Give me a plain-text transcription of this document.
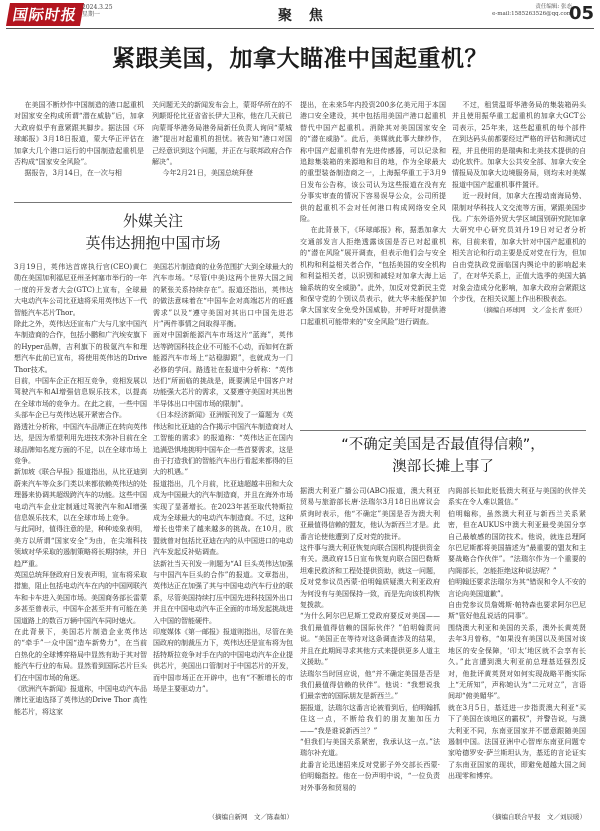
国际时报 2024.3.25
星期一	聚 焦
责任编辑: 张态
e-mail:1585263526@qq.com
05
紧跟美国，加拿大瞄准中国起重机？

在美国不断炒作中国制造的港口起重机对国家安全构成所谓“潜在威胁”后，加拿大政府似乎有意紧跟其脚步。据法国《环球邮报》3月18日报道，蒙大华正评估在加拿大几个港口运行的中国制造起重机是否构成“国家安全风险”。

据报告，3月14日，在一次与相

关问题无关的新闻发布会上，蒙哥华所在的不列颠哥伦比亚省省长伊大卫称，他在几天前已向蒙哥华港务局港务局新任负责人询问“蒙城港”提出对起重机的担忧。被告知“港口对国己经意识到这个问题，并正在与联邦政府合作解决”。

今年2月21日，美国总统拜登

提出，在未来5年内投资200多亿美元用于本国港口安全建设，其中包括用美国产港口起重机替代中国产起重机。消除其对美国国家安全的“潜在威胁”。此后，美媒就此事大肆炒作，称中国产起重机带有先进传感器，可以记录和追踪集装箱的来源地和目的地，作为全球最大的重型装备制造商之一，上海振华重工于3月9日发布公告称，该公司认为这些报道在没有充分事实审查的情况下容易误导公众，公司所提供的起重机不会对任何港口构成网络安全风险。

在此背景下，《环球邮报》称，据悉加拿大交通部发言人拒绝透露该国是否已对起重机的“潜在风险”展开调查，但表示他们会与安全机构和利益相关者合作，“包括美国的安全机构和利益相关者，以识别和减轻对加拿大海上运输系统的安全威胁”。此外，加反对党新民主党和保守党的个别议员表示，就大华未能保护加拿大国家安全免受外国威胁，并呼吁对提供港口起重机可能带来的“安全风险”进行调查。

不过，租赁温哥华港务局的集装箱码头并且使用振华重工起重机的加拿大GCT公司表示，25年来，这些起重机的每个部件在到达码头前都要经过严格的评估和测试过程，并且使用的是瑞典和北美技术提供的自动化软件。加拿大公共安全部、加拿大安全情报局及加拿大边境服务局，则均未对美媒报道中国产起重机事件置评。

近一段时间，加拿大在搜动南海局势、限制对华科技人文交流等方面，紧跟美国步伐。广东外语外贸大学区域国别研究院加拿大研究中心研究员刘丹19日对记者分析称，目前来看，加拿大针对中国产起重机的相关言论和行动主要是反对党在行为，但加自由党执政党面临国内舆论中的影响起来了，在对华关系上，正值大选季的美国大搞对象会造成分化影响，加拿大政府会紧跟这个步伐，在相关议题上作出积极表态。

（摘编自环球网　文／金长青 张旺）
外媒关注
英伟达拥抱中国市场
3月19日，英伟达首席执行官(CEO)黄仁勋在美国加利福尼亚州圣何塞市举行的一年一度的开发者大会(GTC)上宣布，全球最大电动汽车公司比亚迪将采用英伟达下一代智能汽车芯片Thor。
除此之外，英伟达还宣布广大与几家中国汽车制造商的合作，包括小鹏和广汽埃安旗下的Hyper品牌，吉利旗下的极氪汽车和理想汽车此前已宣布，将使用英伟达的Drive Thor技术。
目前，中国车企正在相互竞争，竞相发展以驾驶汽车和AI增强信息娱乐技术，以提高在全球市场的竞争力。在此之前，一些中国头部车企已与英伟达展开紧密合作。
路透社分析称，中国汽车品牌正在转向英伟达，是因为希望利用先进技术弥补目前在全球品牌知名度方面的不足，以在全球市场上竞争。
新加坡《联合早报》报道指出，从比亚迪到蔚来汽车等众多门类以来都依赖英伟达的处理器来协调其超级跨汽车的功能。这些中国电动汽车企业定制通过驾驶汽车和AI增强信息娱乐技术，以在全球市场上竞争。
与此同时，值得注意的是，种种迹象表明，美方以所谓“国家安全”为由，在尖端科技领域对华采取的遏制策略将长期持续，并日趋严重。
英国总统拜登政府日发表声明，宣布将采取措施，阻止包括电动汽车在内的中国网联汽车和卡车进入美国市场。美国商务部长雷蒙多甚至曾表示，中国车企甚至并有可能在美国道路上的数百万辆中国汽车同时熄火。
在此背景下，美国芯片制造企业英伟达的“牵手”一众中国“造车新势力”，在当前白热化的全球博弈格局中显然有助于其对智能汽车行业的布局。显然看到国际芯片巨头们在中国市场的角逐。
《欧洲汽车新闻》报道称，中国电动汽车品牌比亚迪选择了英伟达的Drive Thor 高性能芯片，将这家
美国芯片制造商的业务范围扩大到全球最大的汽车市场。“尽管(中美)这两个世界大国之间的紧张关系持续存在”。报道还指出，英伟达的做法意味着在“中国车企对高端芯片的旺盛需求”以及“遵守美国对其出口中国先进芯片”两件事情之间取得平衡。
面对中国新能源汽车市场这片“蓝海”，英伟达等跨国科技企业不可能不心动，而如何在新能源汽车市场上“站稳脚跟”，也就成为一门必修的学问。路透社在报道中分析称：“英伟达们“所面临的挑战是，既要满足中国客户对功能强大芯片的需求，又要遵守美国对其出售半导体出口中国市场的限制”。
《日本经济新闻》亚洲版刊发了一篇题为《英伟达和比亚迪的合作揭示中国汽车制造商对人工智能的需求》的报道称：“英伟达正在国内追满恐惧地挑明中国车企一些首要需求，这是由于打造我们的智能汽车出行看起来都得的巨大的机遇。”
报道指出，几个月前，比亚迪超越丰田和大众成为中国最大的汽车制造商，并且在海外市场实现了显著增长。在2023年甚至取代特斯拉成为全球最大的电动汽车制造商。不过，这种增长也带来了越来越多的挑战。在10月，欧盟就曾对包括比亚迪在内的从中国进口的电动汽车发起反补贴调查。
法新社当天刊发一则题为“AI 巨头英伟达加强与中国汽车巨头的合作”的报道。文章指出，英伟达正在加强了其与中国电动汽车行业的联系，尽管美国持续打压中国先进科技国外出口并且在中国电动汽车正全面的市场发起挑战进入中国的智能硬件。
印度媒体《第一邮报》报道则指出，尽管在美国政府的制裁压力下，英伟达还是宣布将为包括特斯拉竞争对手在内的中国电动汽车企业提供芯片，美国出口管制对于中国芯片的开发，而中国市场正在开辟中，也有“不断增长的市场是主要驱动力”。
（摘编自新网　文／陈森如）
“不确定美国是否最值得信赖”，
澳部长摊上事了
据澳大利亚广播公司(ABC)报道，澳大利亚贸易与旅游部长唐·法瑞尔3月18日出席议会质询时表示，他“不确定”美国是否为澳大利亚最值得信赖的盟友，他认为新西兰才是。此番言论使他遭到了反对党的批评。
这件事与澳大利亚恢复向联合国机构提供资金有关。澳政府15日宣布恢复向联合国巴勒斯坦难民救济和工程处提供资助，就这一问题，反对党参议员西蒙·伯明翰质疑澳大利亚政府为何没有与美国保持一致，而是先向该机构恢复拨款。
“为什么阿尔巴尼斯工党政府要反对美国——我们最值得信赖的国际伙伴？”伯明翰责问说。“美国正在等待对这条调查涉及的结果，并且在此期间寻求其他方式来提供更多人道主义援助。”
法瑞尔当时回应说，他“并不确定美国是否是我们最值得信赖的伙伴”。他说：“我想说我们最亲密的国际朋友是新西兰。”
据报道，法瑞尔这番言论被看到后，伯明翰抓住这一点，不断给我们的朋友施加压力——“我是谁说新西兰？”
“但我们与美国关系紧密，我承认这一点。”法瑞尔补充道。
此番言论迅速招来反对党影子外交部长西蒙·伯明翰指控。他在一份声明中说，“一位负责对外事务和贸易的
内阁部长如此贬低澳大利亚与美国的伙伴关系实在令人难以置信。”
伯明翰称，虽然澳大利亚与新西兰关系紧密，但在AUKUS中澳大利亚最受美国分享自己最敏感的国防技术。他说，就连总理阿尔巴尼斯都将美国描述为“最重要的盟友和主要战略合作伙伴”。“法瑞尔作为一个重要的内阁部长，怎能拒绝这种说法呢？”
伯明翰还要求法瑞尔为其“错误和令人不安的言论向美国道歉”。
自由党参议员詹姆斯·帕特森也要求阿尔巴尼斯“管好他乱说话的同事”。
围绕澳大利亚和美国的关系，澳外长黄英贤去年3月曾称，“如果没有美国以及美国对该地区的安全保障，‘印太’地区就不会享有长久。”此言遭到澳大利亚前总理基廷强烈反对，他批评黄英贤对如何实现战略平衡实际上“无所知”，声称她认为“二元对立”，言语间却“俯美媚华”。
就在3月5日，基廷进一步指责澳大利亚“买下了美国在该地区的霸权”，并警告说，与澳大利亚不同，东南亚国家并不愿意跟随美国遏制中国。法国亚洲中心智库东南亚问题专家哈德罗安·萨兰斯坦认为，基廷的言论证实了东南亚国家的现状，即避免超越大国之间出现零和博弈。
（摘编自联合早报　文／刘辰暖）
